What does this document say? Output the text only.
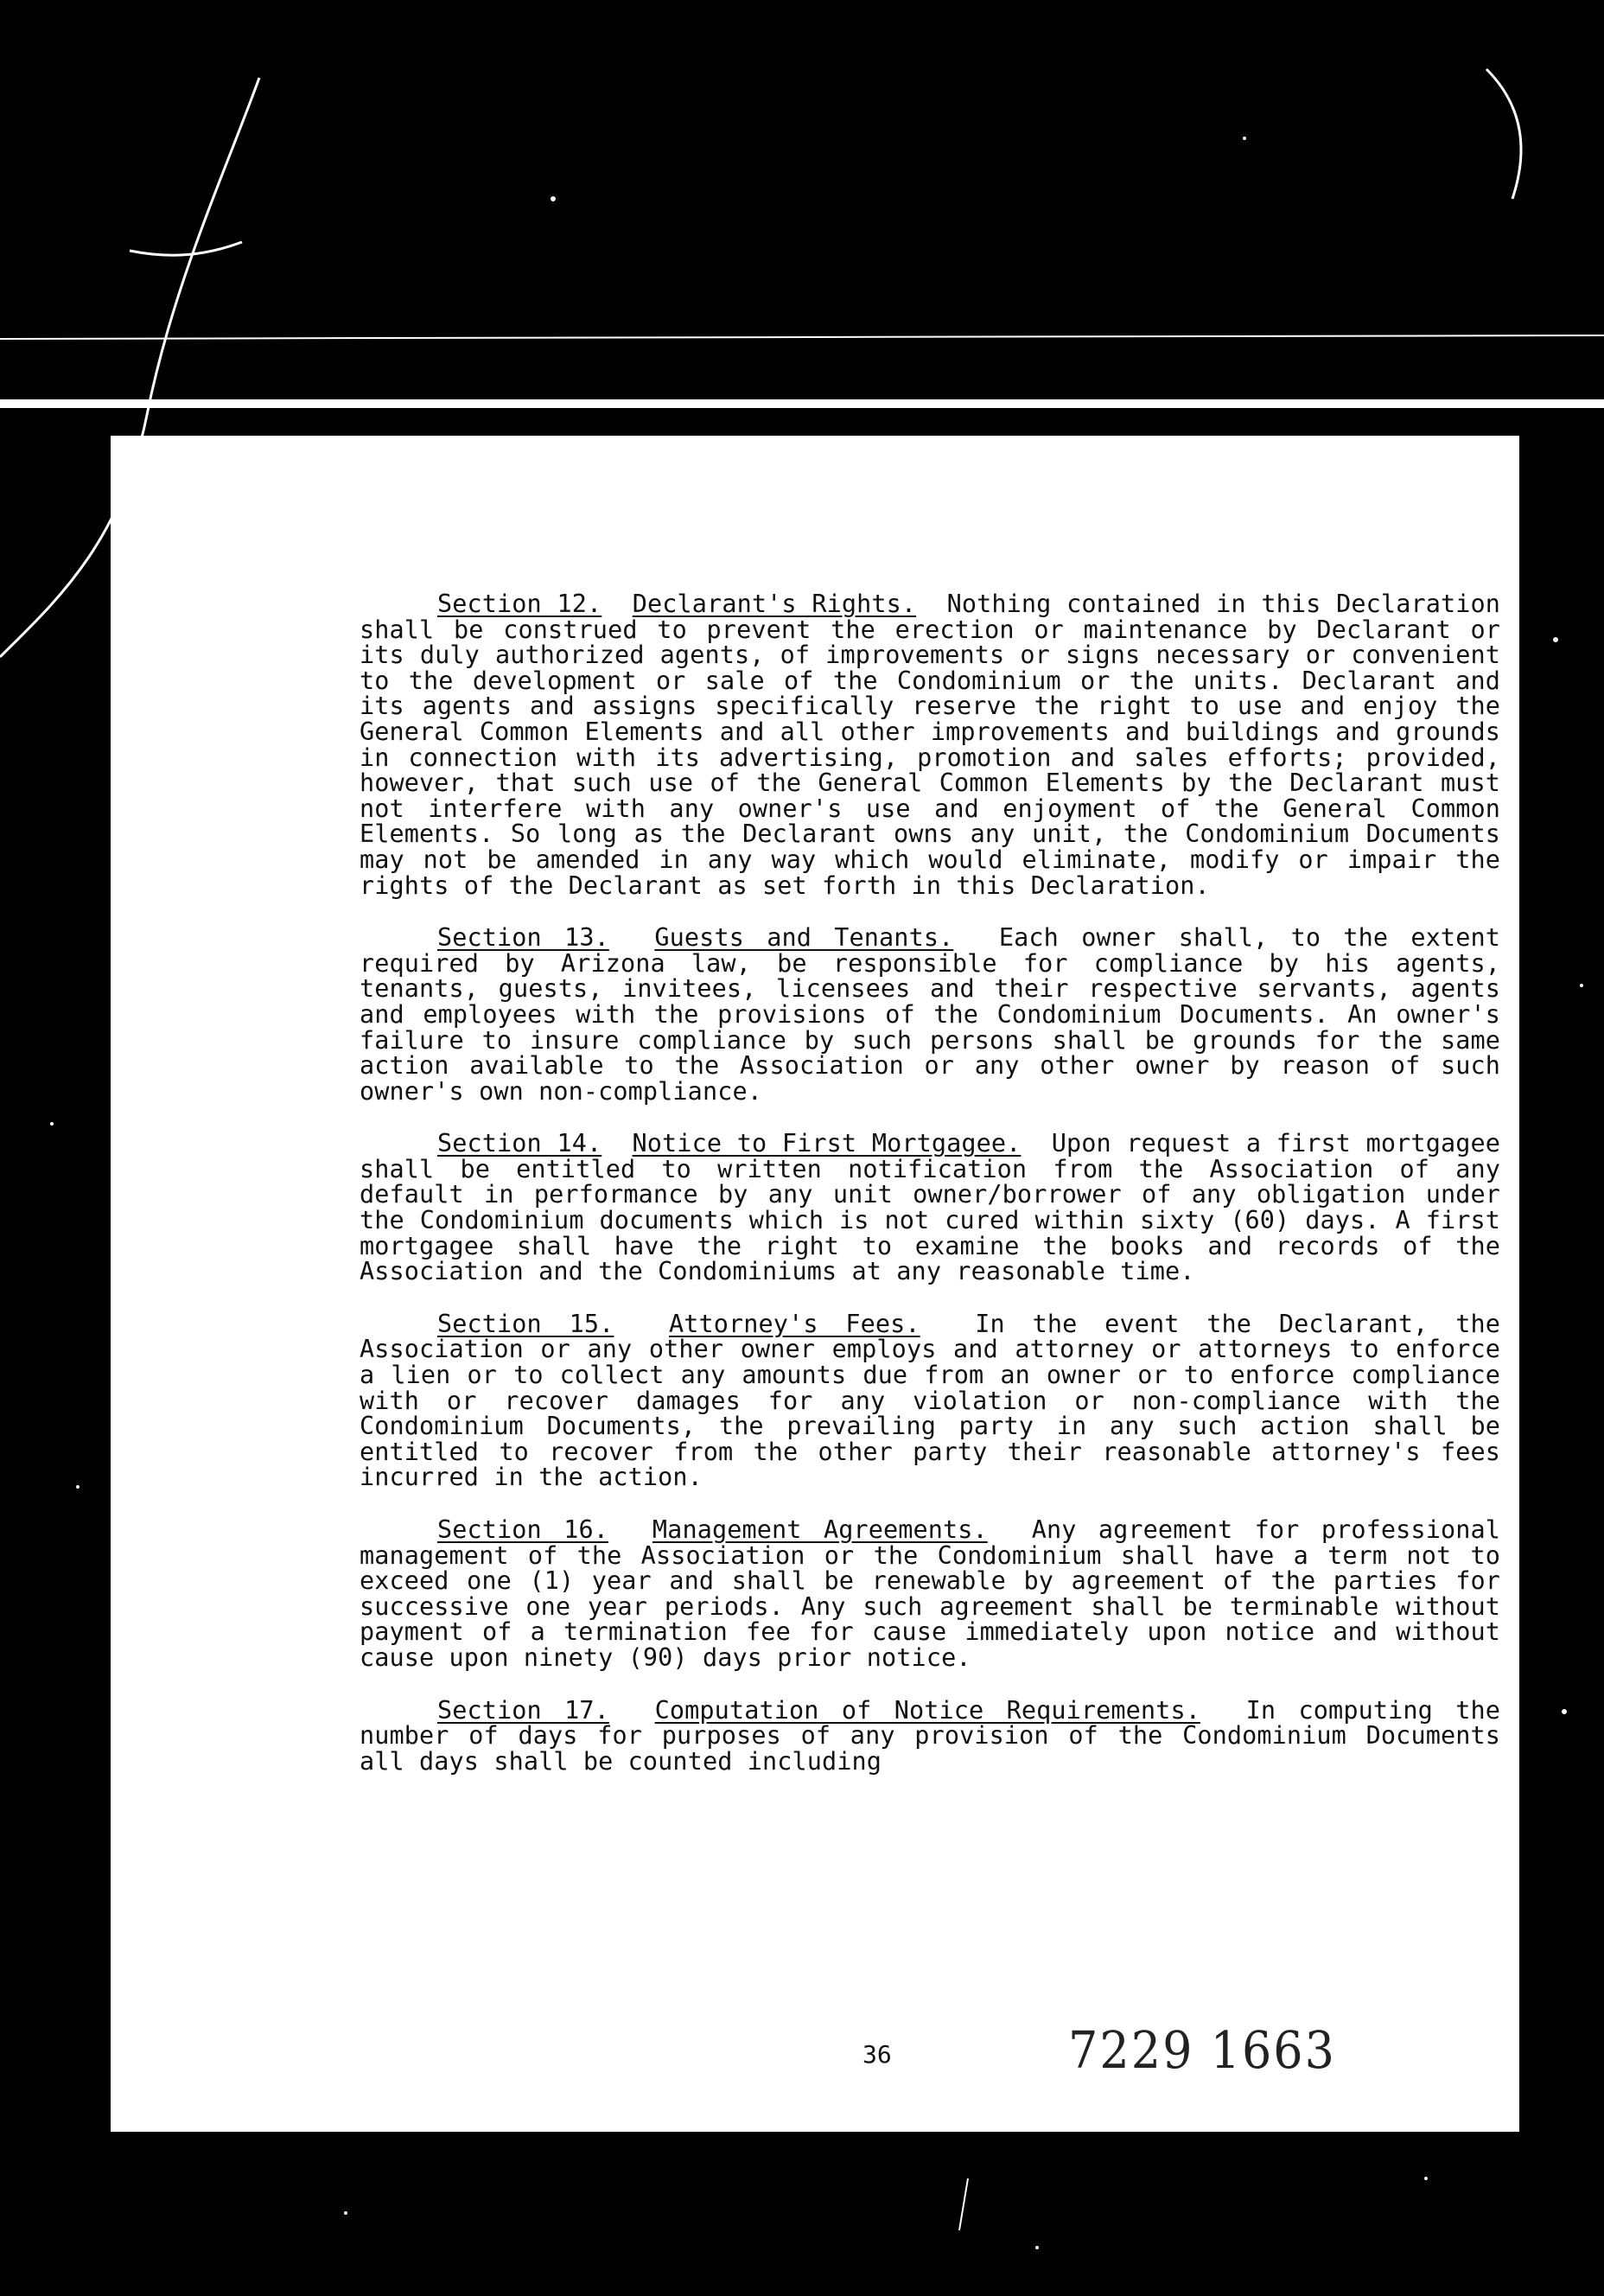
Section 12. Declarant's Rights. Nothing contained in this Declaration shall be construed to prevent the erection or maintenance by Declarant or its duly authorized agents, of improvements or signs necessary or convenient to the development or sale of the Condominium or the units. Declarant and its agents and assigns specifically reserve the right to use and enjoy the General Common Elements and all other improvements and buildings and grounds in connection with its advertising, promotion and sales efforts; provided, however, that such use of the General Common Elements by the Declarant must not interfere with any owner's use and enjoyment of the General Common Elements. So long as the Declarant owns any unit, the Condominium Documents may not be amended in any way which would eliminate, modify or impair the rights of the Declarant as set forth in this Declaration.

Section 13. Guests and Tenants. Each owner shall, to the extent required by Arizona law, be responsible for compliance by his agents, tenants, guests, invitees, licensees and their respective servants, agents and employees with the provisions of the Condominium Documents. An owner's failure to insure compliance by such persons shall be grounds for the same action available to the Association or any other owner by reason of such owner's own non-compliance.

Section 14. Notice to First Mortgagee. Upon request a first mortgagee shall be entitled to written notification from the Association of any default in performance by any unit owner/borrower of any obligation under the Condominium documents which is not cured within sixty (60) days. A first mortgagee shall have the right to examine the books and records of the Association and the Condominiums at any reasonable time.

Section 15. Attorney's Fees. In the event the Declarant, the Association or any other owner employs and attorney or attorneys to enforce a lien or to collect any amounts due from an owner or to enforce compliance with or recover damages for any violation or non-compliance with the Condominium Documents, the prevailing party in any such action shall be entitled to recover from the other party their reasonable attorney's fees incurred in the action.

Section 16. Management Agreements. Any agreement for professional management of the Association or the Condominium shall have a term not to exceed one (1) year and shall be renewable by agreement of the parties for successive one year periods. Any such agreement shall be terminable without payment of a termination fee for cause immediately upon notice and without cause upon ninety (90) days prior notice.

Section 17. Computation of Notice Requirements. In computing the number of days for purposes of any provision of the Condominium Documents all days shall be counted including

36	7229 1663
